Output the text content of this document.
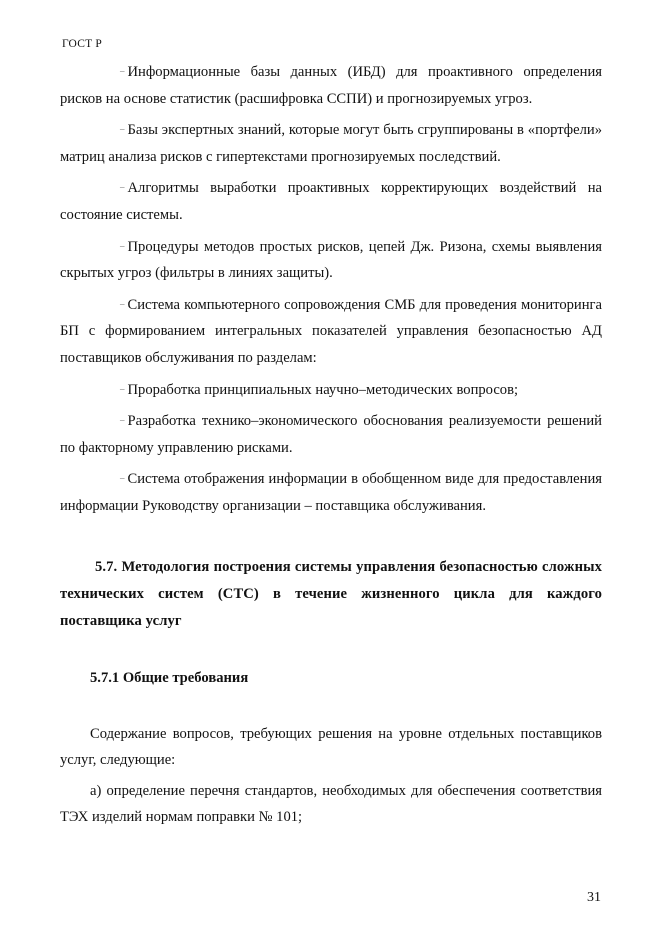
ГОСТ Р

– Информационные базы данных (ИБД) для проактивного определения рисков на основе статистик (расшифровка ССПИ) и прогнозируемых угроз.

– Базы экспертных знаний, которые могут быть сгруппированы в «портфели» матриц анализа рисков с гипертекстами прогнозируемых последствий.

– Алгоритмы выработки проактивных корректирующих воздействий на состояние системы.

– Процедуры методов простых рисков, цепей Дж. Ризона, схемы выявления скрытых угроз (фильтры в линиях защиты).

– Система компьютерного сопровождения СМБ для проведения мониторинга БП с формированием интегральных показателей управления безопасностью АД поставщиков обслуживания по разделам:

– Проработка принципиальных научно–методических вопросов;

– Разработка технико–экономического обоснования реализуемости решений по факторному управлению рисками.

– Система отображения информации в обобщенном виде для предоставления информации Руководству организации – поставщика обслуживания.

5.7. Методология построения системы управления безопасностью сложных технических систем (СТС) в течение жизненного цикла для каждого поставщика услуг

5.7.1 Общие требования

Содержание вопросов, требующих решения на уровне отдельных поставщиков услуг, следующие:

а) определение перечня стандартов, необходимых для обеспечения соответствия ТЭХ изделий нормам поправки № 101;

31
